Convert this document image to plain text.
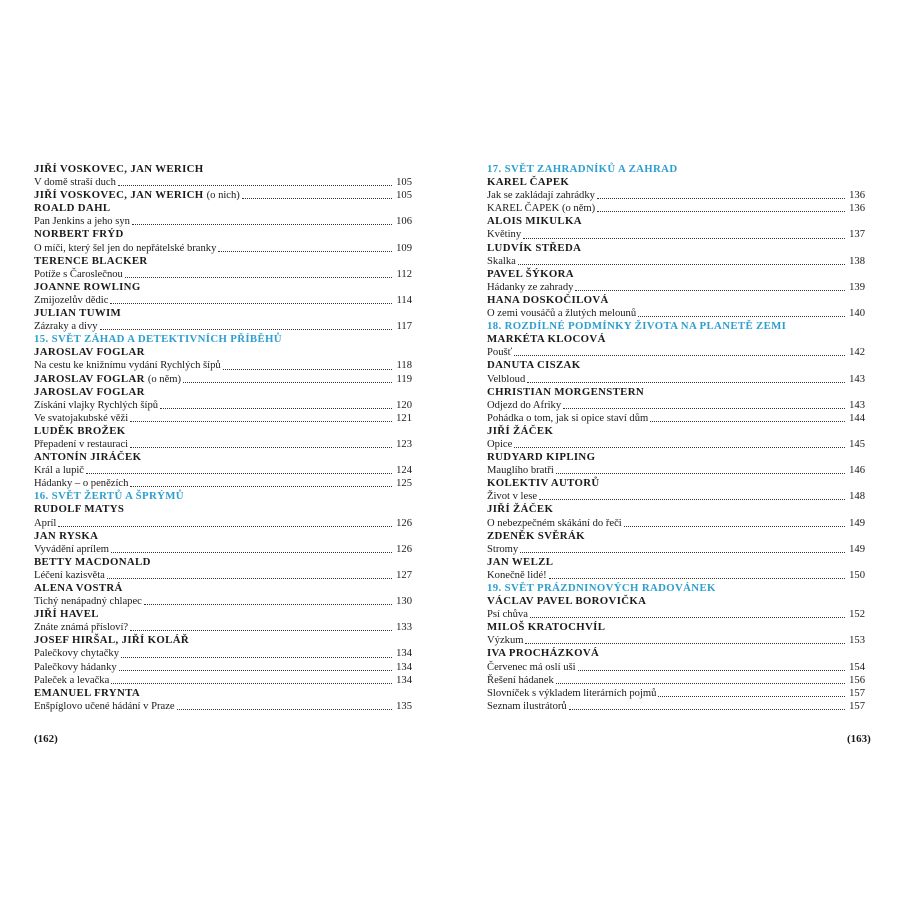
JIŘÍ VOSKOVEC, JAN WERICH
V domě straší duch	105
JIŘÍ VOSKOVEC, JAN WERICH (o nich)	105
ROALD DAHL
Pan Jenkins a jeho syn	106
NORBERT FRÝD
O míči, který šel jen do nepřátelské branky	109
TERENCE BLACKER
Potíže s Čaroslečnou	112
JOANNE ROWLING
Zmijozelův dědic	114
JULIAN TUWIM
Zázraky a divy	117
15. SVĚT ZÁHAD A DETEKTIVNÍCH PŘÍBĚHŮ
JAROSLAV FOGLAR
Na cestu ke knižnímu vydání Rychlých šípů	118
JAROSLAV FOGLAR (o něm)	119
JAROSLAV FOGLAR
Získání vlajky Rychlých šípů	120
Ve svatojakubské věži	121
LUDĚK BROŽEK
Přepadení v restauraci	123
ANTONÍN JIRÁČEK
Král a lupič	124
Hádanky – o penězích	125
16. SVĚT ŽERTŮ A ŠPRÝMŮ
RUDOLF MATYS
Apríl	126
JAN RYSKA
Vyvádění aprílem	126
BETTY MACDONALD
Léčení kazisvěta	127
ALENA VOSTRÁ
Tichý nenápadný chlapec	130
JIŘÍ HAVEL
Znáte známá přísloví?	133
JOSEF HIRŠAL, JIŘÍ KOLÁŘ
Palečkovy chytačky	134
Palečkovy hádanky	134
Paleček a levačka	134
EMANUEL FRYNTA
Enšpíglovo učené hádání v Praze	135
17. SVĚT ZAHRADNÍKŮ A ZAHRAD
KAREL ČAPEK
Jak se zakládají zahrádky	136
KAREL ČAPEK (o něm)	136
ALOIS MIKULKA
Květiny	137
LUDVÍK STŘEDA
Skalka	138
PAVEL ŠÝKORA
Hádanky ze zahrady	139
HANA DOSKOČILOVÁ
O zemi vousáčů a žlutých melounů	140
18. ROZDÍLNÉ PODMÍNKY ŽIVOTA NA PLANETĚ ZEMI
MARKÉTA KLOCOVÁ
Poušť	142
DANUTA CISZAK
Velbloud	143
CHRISTIAN MORGENSTERN
Odjezd do Afriky	143
Pohádka o tom, jak si opice staví dům	144
JIŘÍ ŽÁČEK
Opice	145
RUDYARD KIPLING
Mauglího bratři	146
KOLEKTIV AUTORŮ
Život v lese	148
JIŘÍ ŽÁČEK
O nebezpečném skákání do řeči	149
ZDENĚK SVĚRÁK
Stromy	149
JAN WELZL
Konečně lidé!	150
19. SVĚT PRÁZDNINOVÝCH RADOVÁNEK
VÁCLAV PAVEL BOROVIČKA
Psí chůva	152
MILOŠ KRATOCHVÍL
Výzkum	153
IVA PROCHÁZKOVÁ
Červenec má oslí uši	154
Řešení hádanek	156
Slovníček s výkladem literárních pojmů	157
Seznam ilustrátorů	157
(162)	(163)
